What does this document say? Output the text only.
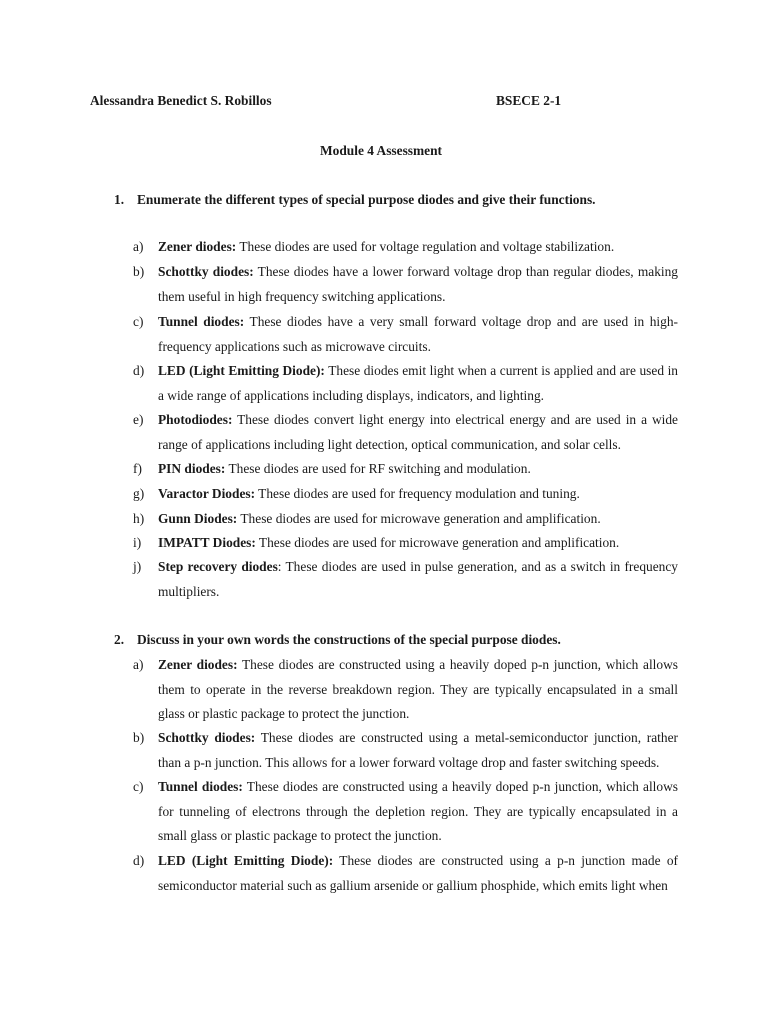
Alessandra Benedict S. Robillos	BSECE 2-1
Module 4 Assessment
1. Enumerate the different types of special purpose diodes and give their functions.
a)	Zener diodes: These diodes are used for voltage regulation and voltage stabilization.
b)	Schottky diodes: These diodes have a lower forward voltage drop than regular diodes, making them useful in high frequency switching applications.
c)	Tunnel diodes: These diodes have a very small forward voltage drop and are used in high-frequency applications such as microwave circuits.
d)	LED (Light Emitting Diode): These diodes emit light when a current is applied and are used in a wide range of applications including displays, indicators, and lighting.
e)	Photodiodes: These diodes convert light energy into electrical energy and are used in a wide range of applications including light detection, optical communication, and solar cells.
f)	PIN diodes: These diodes are used for RF switching and modulation.
g)	Varactor Diodes: These diodes are used for frequency modulation and tuning.
h)	Gunn Diodes: These diodes are used for microwave generation and amplification.
i)	IMPATT Diodes: These diodes are used for microwave generation and amplification.
j)	Step recovery diodes: These diodes are used in pulse generation, and as a switch in frequency multipliers.
2. Discuss in your own words the constructions of the special purpose diodes.
a)	Zener diodes: These diodes are constructed using a heavily doped p-n junction, which allows them to operate in the reverse breakdown region. They are typically encapsulated in a small glass or plastic package to protect the junction.
b)	Schottky diodes: These diodes are constructed using a metal-semiconductor junction, rather than a p-n junction. This allows for a lower forward voltage drop and faster switching speeds.
c)	Tunnel diodes: These diodes are constructed using a heavily doped p-n junction, which allows for tunneling of electrons through the depletion region. They are typically encapsulated in a small glass or plastic package to protect the junction.
d)	LED (Light Emitting Diode): These diodes are constructed using a p-n junction made of semiconductor material such as gallium arsenide or gallium phosphide, which emits light when
